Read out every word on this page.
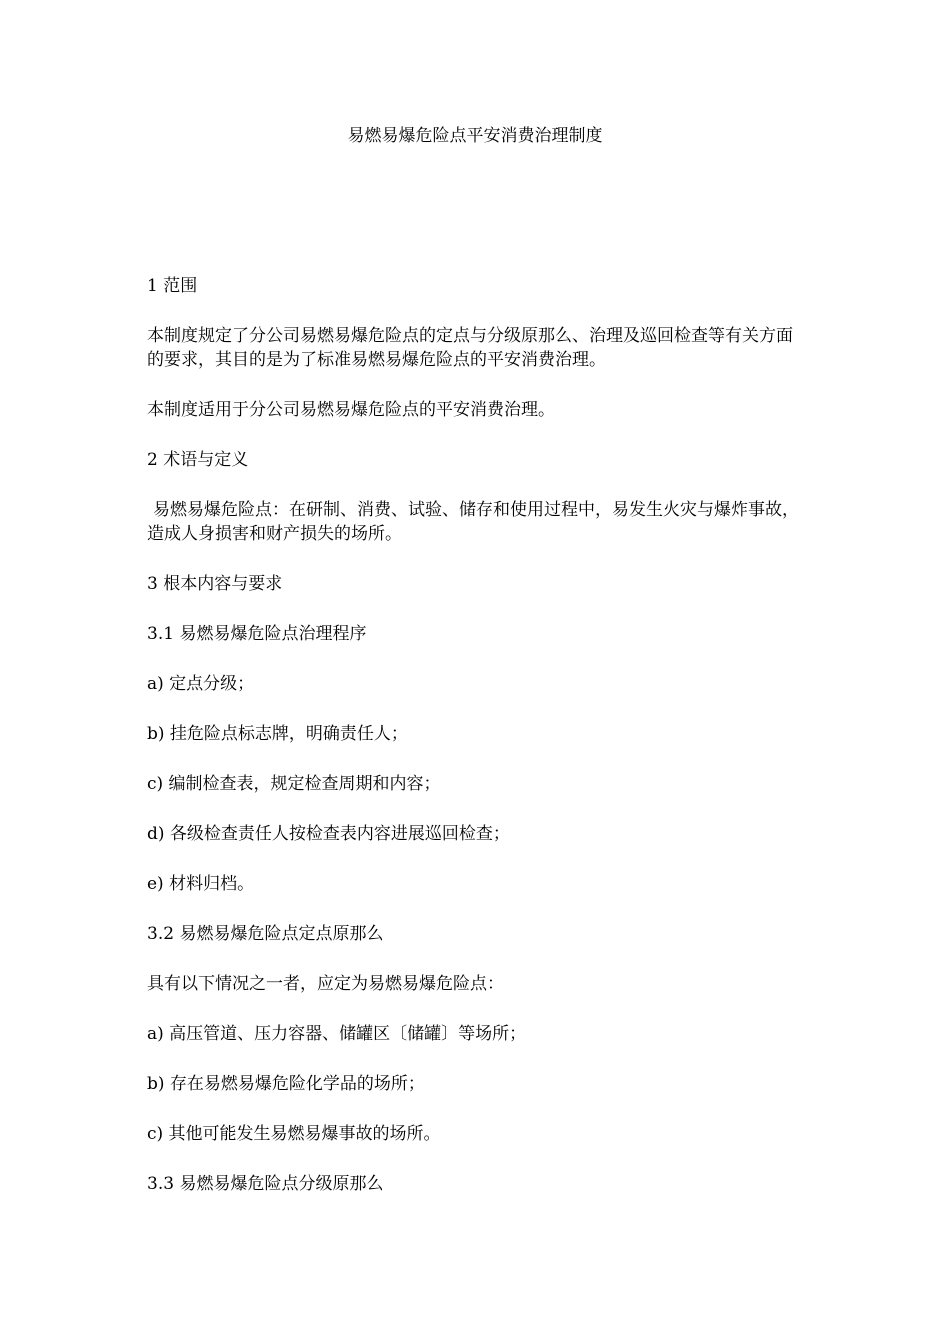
易燃易爆危险点平安消费治理制度

1 范围

本制度规定了分公司易燃易爆危险点的定点与分级原那么、治理及巡回检查等有关方面的要求，其目的是为了标准易燃易爆危险点的平安消费治理。

本制度适用于分公司易燃易爆危险点的平安消费治理。

2 术语与定义

易燃易爆危险点：在研制、消费、试验、储存和使用过程中，易发生火灾与爆炸事故，造成人身损害和财产损失的场所。

3 根本内容与要求

3.1 易燃易爆危险点治理程序

a) 定点分级；

b) 挂危险点标志牌，明确责任人；

c) 编制检查表，规定检查周期和内容；

d) 各级检查责任人按检查表内容进展巡回检查；

e) 材料归档。

3.2 易燃易爆危险点定点原那么

具有以下情况之一者，应定为易燃易爆危险点：

a) 高压管道、压力容器、储罐区〔储罐〕等场所；

b) 存在易燃易爆危险化学品的场所；

c) 其他可能发生易燃易爆事故的场所。

3.3 易燃易爆危险点分级原那么
